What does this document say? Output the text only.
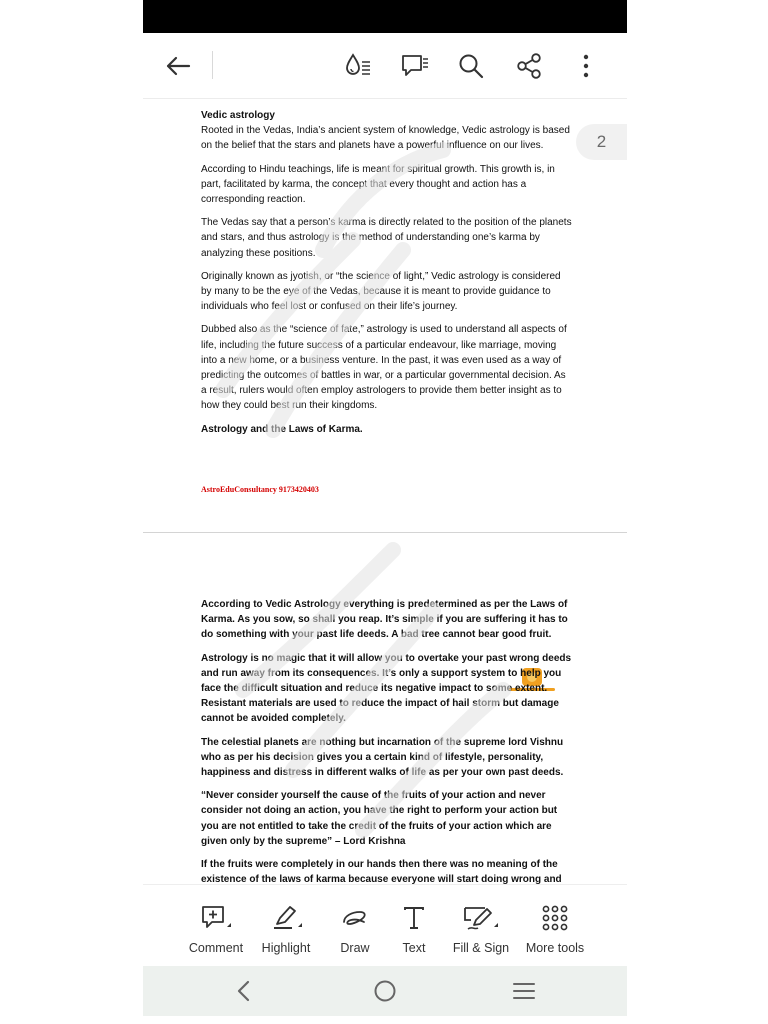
Vedic astrology

Rooted in the Vedas, India’s ancient system of knowledge, Vedic astrology is based on the belief that the stars and planets have a powerful influence on our lives.

According to Hindu teachings, life is meant for spiritual growth. This growth is, in part, facilitated by karma, the concept that every thought and action has a corresponding reaction.

The Vedas say that a person’s karma is directly related to the position of the planets and stars, and thus astrology is the method of understanding one’s karma by analyzing these positions.

Originally known as jyotish, or “the science of light,” Vedic astrology is considered by many to be the eye of the Vedas, because it is meant to provide guidance to individuals who feel lost or confused on their life’s journey.

Dubbed also as the “science of fate,” astrology is used to understand all aspects of life, including the future success of a particular endeavour, like marriage, moving into a new home, or a business venture. In the past, it was even used as a way of predicting the outcomes of battles in war, or a particular governmental decision. As a result, rulers would often employ astrologers to provide them better insight as to how they could best run their kingdoms.

Astrology and the Laws of Karma.

AstroEduConsultancy 9173420403

According to Vedic Astrology everything is predetermined as per the Laws of Karma. As you sow, so shall you reap. It’s simple if you are suffering it has to do something with your past life deeds. A bad tree cannot bear good fruit.

Astrology is no magic that it will allow you to overtake your past wrong deeds and run away from its consequences. It’s only a support system to help you face the difficult situation and reduce its negative impact to some extent. Resistant materials are used to reduce the impact of hail storm but damage cannot be avoided completely.

The celestial planets are nothing but incarnation of the supreme lord Vishnu who as per his decision gives you a certain kind of lifestyle, personality, happiness and distress in different walks of life as per your own past deeds.

“Never consider yourself the cause of the fruits of your action and never consider not doing an action, you have the right to perform your action but you are not entitled to take the credit of the fruits of your action which are given only by the supreme” – Lord Krishna

If the fruits were completely in our hands then there was no meaning of the existence of the laws of karma because everyone will start doing wrong and

2
Comment Highlight Draw	Text Fill & Sign More tools
